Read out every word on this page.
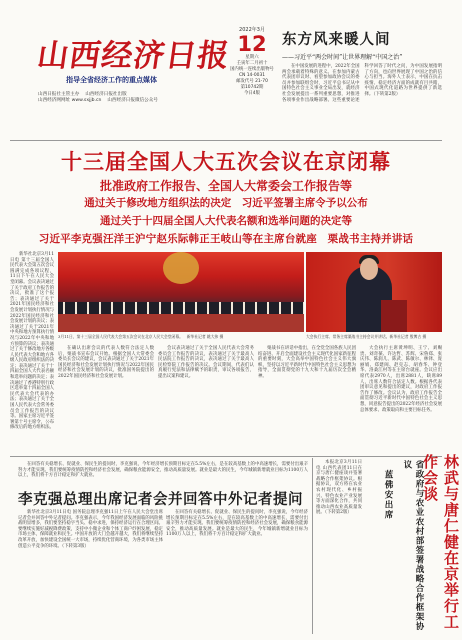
山西经济日报
指导全省经济工作的重点媒体
山西日报社主管主办 山西经济日报社出版
山西经济网网址 www.sxjjb.cn 山西经济日报微信公众号
2022年3月
12
星期六
壬寅年二月初十
国内统一连续出版物号
CN 14-0031
邮发代号 21-70
第10742期
今日4版
东方风来暖人间
——习近平“两会时间”让世界理解“中国之治”

在中国发展的进程中，2022年全国两会承载着特殊的意义。在参加内蒙古代表团审议时、看望参加政协会议的委员并参加联组会时，习近平总书记从中国特色社会主义事业全局出发，就经济社会发展提出一系列重要思想，对推进各项事业作出战略部署。这些重要论述科学回答了时代之问，为中国发展指明了方向，也向世界展现了中国之治的信心与担当。海外人士表示，中国在抗击疫情、稳定经济方面的成就有目共睹，中国式现代化道路为世界提供了新选择。（下转第2版）

十三届全国人大五次会议在京闭幕
批准政府工作报告、全国人大常委会工作报告等
通过关于修改地方组织法的决定　习近平签署主席令予以公布
通过关于十四届全国人大代表名额和选举问题的决定等
习近平李克强汪洋王沪宁赵乐际韩正王岐山等在主席台就座　栗战书主持并讲话

新华社北京3月11日电 第十三届全国人民代表大会第五次会议圆满完成各项议程，11日下午在人民大会堂闭幕。会议表决通过了关于政府工作报告的决议，批准了这个报告；表决通过了关于2021年国民经济和社会发展计划执行情况与2022年国民经济和社会发展计划的决议；表决通过了关于2021年中央和地方预算执行情况与2022年中央和地方预算的决议；表决通过了关于修改地方各级人民代表大会和地方各级人民政府组织法的决定；表决通过了关于十四届全国人大代表名额和选举问题的决定；表决通过了香港特别行政区选举第十四届全国人民代表大会代表的办法；表决通过了关于全国人民代表大会常务委员会工作报告的决议等。国家主席习近平签署第十号主席令，公布修改后的地方组织法。

3月11日，第十三届全国人民代表大会第五次会议在北京人民大会堂闭幕。　新华社记者 姚大伟 摄	大会执行主席、常务主席栗战书主持会议并讲话。新华社记者 殷博古 摄

大会执行主席黄坤明、王宁、刘赐贵、刘奇葆、许达哲、苏辉、宋鲁郑、张庆伟、陈润儿、陈武、陈敏尔、林铎、庞丽娟、郑建闽、赵克志、胡春华、钟登华、洛桑江村等在主席台就座。会议应出席代表2970人，出席2881人，缺席89人，出席人数符合法定人数。根据各代表团审议意见和提出的建议，对政府工作报告作了修改。会议认为，政府工作报告全面贯彻习近平新时代中国特色社会主义思想，同意报告提出的2022年经济社会发展总体要求、政策取向和主要目标任务。

在确认出席会议的代表人数符合法定人数后，栗战书宣布会议开始。根据全国人大常委会委员长会议的建议，会议表决通过了关于2021年国民经济和社会发展计划执行情况与2022年国民经济和社会发展计划的决议，批准国务院提出的2022年国民经济和社会发展计划。

会议表决通过了关于全国人民代表大会常务委员会工作报告的决议，表决通过了关于最高人民法院工作报告的决议，表决通过了关于最高人民检察院工作报告的决议。会议期间，代表们认真履行宪法和法律赋予的职责，审议各项报告，提出议案和建议。

栗战书在讲话中指出，在全党全国各族人民团结奋进、开启全面建设社会主义现代化国家新征程的重要时刻，大会高举中国特色社会主义伟大旗帜，坚持以习近平新时代中国特色社会主义思想为指导，全面贯彻党的十九大和十九届历次全会精神。

在回答有关稳增长、促就业、保民生的提问时，李克强说，今年经济增长预期目标定在5.5%左右，是在较高基数上的中高速增长，需要付出艰辛努力才能实现。我们要统筹疫情防控和经济社会发展，确保粮食能源安全，推动高质量发展。就业是最大的民生，今年城镇新增就业目标为1100万人以上，我们将千方百计稳定和扩大就业。

李克强总理出席记者会并回答中外记者提问

新华社北京3月11日电 国务院总理李克强11日上午在人民大会堂出席记者会并回答中外记者提问。李克强表示，今年我国经济发展面临的风险挑战明显增多，我们要坚持稳字当头、稳中求进，保持经济运行在合理区间。要继续实施好减税降费政策，支持中小微企业和个体工商户纾困发展，稳定市场主体，保障就业和民生。中国开放的大门会越开越大，我们将继续坚持改革开放，加快建设全国统一大市场，持续优化营商环境，为各类市场主体创造公平竞争的环境。（下转第3版）

在回答有关稳增长、促就业、保民生的提问时，李克强说，今年经济增长预期目标定在5.5%左右，是在较高基数上的中高速增长，需要付出艰辛努力才能实现。我们要统筹疫情防控和经济社会发展，确保粮食能源安全，推动高质量发展。就业是最大的民生，今年城镇新增就业目标为1100万人以上，我们将千方百计稳定和扩大就业。

本报北京3月11日电 山西代表团11日在京与唐仁健座谈并签署战略合作框架协议。根据协议，双方将在农业农村现代化、乡村振兴、特色农业产业发展等方面深化合作，共同推动山西农业高质量发展。（下转第2版）	林武与唐仁健在京举行工作会谈
省政府与农业农村部签署战略合作框架协议
蓝佛安出席
